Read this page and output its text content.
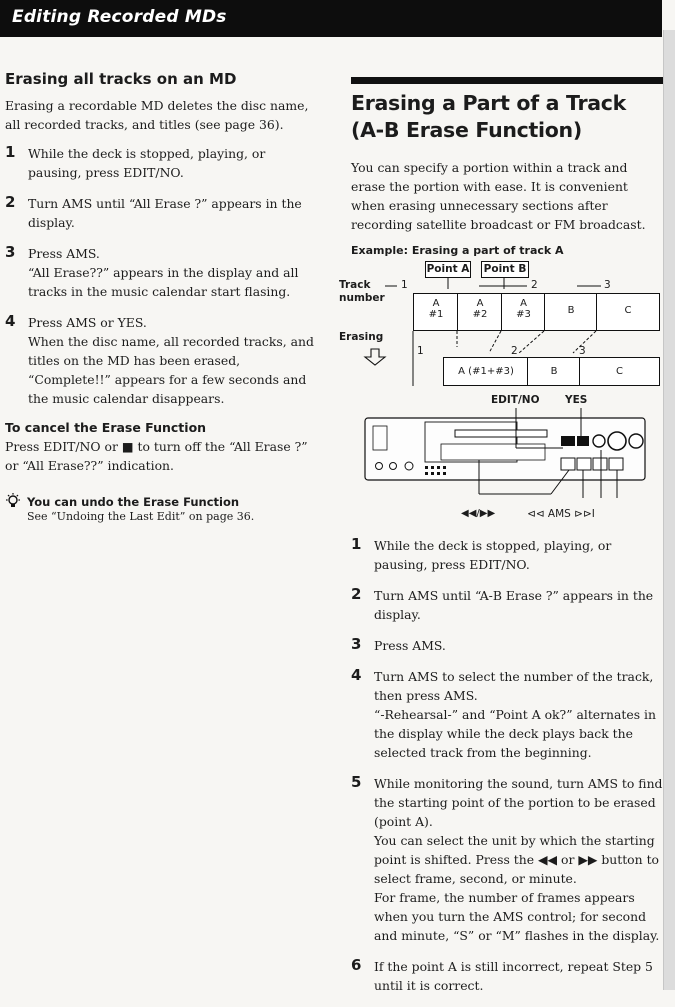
Editing Recorded MDs
Erasing all tracks on an MD

Erasing a recordable MD deletes the disc name, all recorded tracks, and titles (see page 36).

1 While the deck is stopped, playing, or pausing, press EDIT/NO.
2 Turn AMS until “All Erase ?” appears in the display.
3 Press AMS.
“All Erase??” appears in the display and all tracks in the music calendar start flasing.
4 Press AMS or YES.
When the disc name, all recorded tracks, and titles on the MD has been erased, “Complete!!” appears for a few seconds and the music calendar disappears.
To cancel the Erase Function

Press EDIT/NO or ■ to turn off the “All Erase ?” or “All Erase??” indication.

You can undo the Erase Function
See “Undoing the Last Edit” on page 36.
Erasing a Part of a Track (A-B Erase Function)

You can specify a portion within a track and erase the portion with ease. It is convenient when erasing unnecessary sections after recording satellite broadcast or FM broadcast.

Example: Erasing a part of track A
Point A Point B
Track
number
Erasing
1	2	3
A
#1
A
#2
A
#3	B	C
1	2	3
A (#1+#3)	B	C
EDIT/NO YES
◀◀/▶▶	⊲⊲ AMS ⊳⊳I
1 While the deck is stopped, playing, or pausing, press EDIT/NO.
2 Turn AMS until “A-B Erase ?” appears in the display.
3 Press AMS.
4 Turn AMS to select the number of the track, then press AMS.
“-Rehearsal-” and “Point A ok?” alternates in the display while the deck plays back the selected track from the beginning.
5 While monitoring the sound, turn AMS to find the starting point of the portion to be erased (point A).
You can select the unit by which the starting point is shifted. Press the ◀◀ or ▶▶ button to select frame, second, or minute.
For frame, the number of frames appears when you turn the AMS control; for second and minute, “S” or “M” flashes in the display.
6 If the point A is still incorrect, repeat Step 5 until it is correct.
